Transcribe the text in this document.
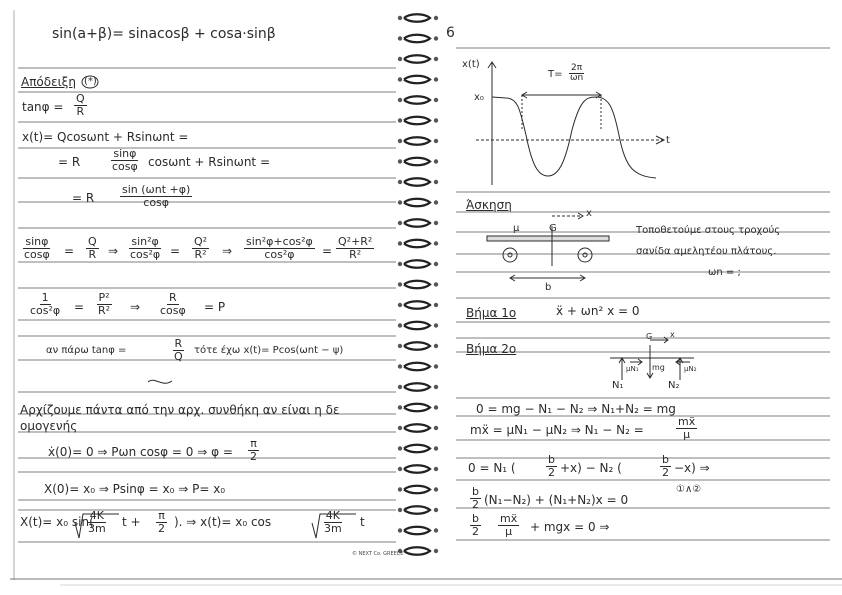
sin(a+β)= sinacosβ + cosa·sinβ
Απόδειξη (*)
$\tan\varphi = \frac{Q}{R}$
x(t)= Qcosωnt + Rsinωnt =
= R	$\frac{\sin\varphi}{\cos\varphi}$ cosωnt + Rsinωnt =
= R
sin (ωnt +φ)
cosφ
$\frac{\sin\varphi}{\cos\varphi} = \frac{Q}{R}$ ⇒ $\frac{\text{sin²φ}}{\text{cos²φ}} = \frac{\text{Q²}}{\text{R²}}$ ⇒ $\frac{\text{sin²φ+cos²φ}}{\text{cos²φ}} = \frac{\text{Q²+R²}}{\text{R²}}$
$\frac{1}{\text{cos²φ}} = \frac{\text{P²}}{\text{R²}}$ ⇒ $\frac{R}{\cos\varphi} = P$
αν πάρω tanφ =	$\frac{R}{Q}$ τότε έχω x(t)= Pcos(ωnt − ψ)
Αρχίζουμε πάντα από την αρχ. συνθήκη αν είναι η δε
ομογενής
ẋ(0)= 0 ⇒ Pωn cosφ = 0 ⇒ $\varphi = \frac{\pi}{2}$
X(0)= x₀ ⇒ Psinφ = x₀ ⇒ P= x₀
X(t)= x₀ sin(
$\frac{4K}{3m}$ $t + \frac{\pi}{2}$ ). ⇒ x(t)= x₀ cos	$\frac{4K}{3m}$ t
© NEXT Co. GREECE
6
x(t)
x₀
t
$T= \frac{2\pi}{\omega n}$
Άσκηση
μ	G
x
b
Τοποθετούμε στους τροχούς
σανίδα αμελητέου πλάτους.
ωn = ;
Βήμα 1ο	ẍ + ωn² x = 0
Βήμα 2ο
N₁	N₂
mg
μN₁	μN₂
G x
0 = mg − N₁ − N₂ ⇒ N₁+N₂ = mg
mẍ = μN₁ − μN₂ ⇒ N₁ − N₂ =	$\frac{\text{mẍ}}{\mu}$
0 = N₁ (	$\frac{b}{2} +x) - N_2$ (	$\frac{b}{2} -x$) ⇒
$\frac{b}{2} (N_1-N_2) + (N_1+N_2)x = 0$
①∧②
$\frac{b}{2} \frac{\text{mẍ}}{\mu}$ + mgx = 0 ⇒
